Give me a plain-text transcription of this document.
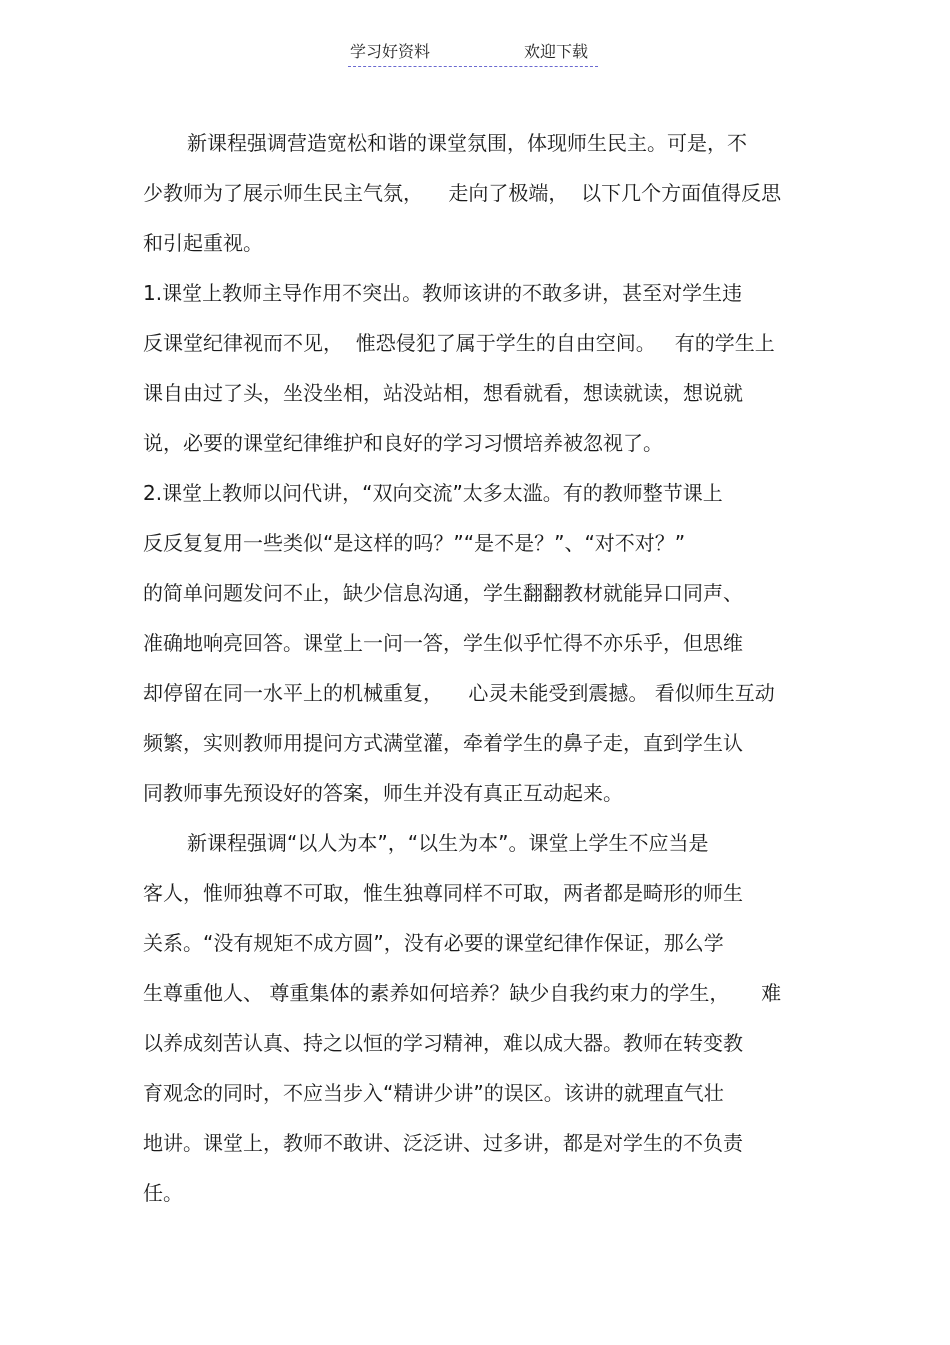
学习好资料	欢迎下载
新课程强调营造宽松和谐的课堂氛围，体现师生民主。可是，不
少教师为了展示师生民主气氛，    走向了极端，  以下几个方面值得反思
和引起重视。
1.课堂上教师主导作用不突出。教师该讲的不敢多讲，甚至对学生违
反课堂纪律视而不见，  惟恐侵犯了属于学生的自由空间。   有的学生上
课自由过了头，坐没坐相，站没站相，想看就看，想读就读，想说就
说，必要的课堂纪律维护和良好的学习习惯培养被忽视了。
2.课堂上教师以问代讲，“双向交流”太多太滥。有的教师整节课上
反反复复用一些类似“是这样的吗？”“是不是？”、“对不对？”
的简单问题发问不止，缺少信息沟通，学生翻翻教材就能异口同声、
准确地响亮回答。课堂上一问一答，学生似乎忙得不亦乐乎，但思维
却停留在同一水平上的机械重复，    心灵未能受到震撼。 看似师生互动
频繁，实则教师用提问方式满堂灌，牵着学生的鼻子走，直到学生认
同教师事先预设好的答案，师生并没有真正互动起来。
新课程强调“以人为本”，“以生为本”。课堂上学生不应当是
客人，惟师独尊不可取，惟生独尊同样不可取，两者都是畸形的师生
关系。“没有规矩不成方圆”，没有必要的课堂纪律作保证，那么学
生尊重他人、 尊重集体的素养如何培养？缺少自我约束力的学生，     难
以养成刻苦认真、持之以恒的学习精神，难以成大器。教师在转变教
育观念的同时，不应当步入“精讲少讲”的误区。该讲的就理直气壮
地讲。课堂上，教师不敢讲、泛泛讲、过多讲，都是对学生的不负责
任。
